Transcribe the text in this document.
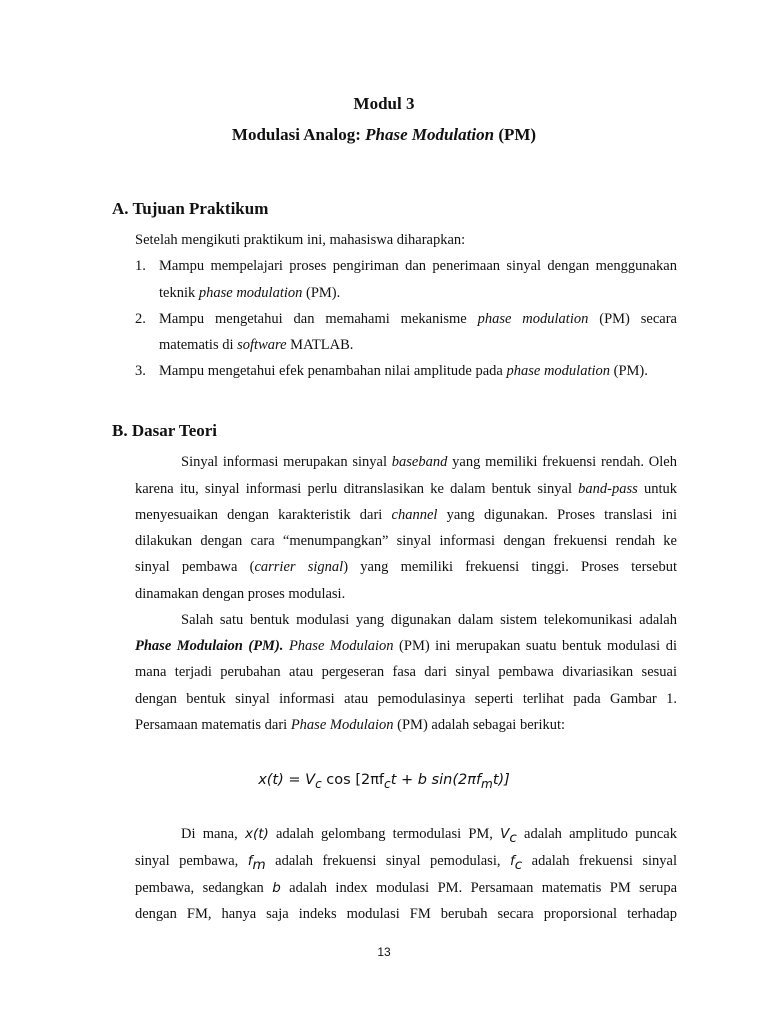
Modul 3
Modulasi Analog: Phase Modulation (PM)
A. Tujuan Praktikum
Setelah mengikuti praktikum ini, mahasiswa diharapkan:
1. Mampu mempelajari proses pengiriman dan penerimaan sinyal dengan menggunakan
teknik phase modulation (PM).
2. Mampu mengetahui dan memahami mekanisme phase modulation (PM) secara
matematis di software MATLAB.
3. Mampu mengetahui efek penambahan nilai amplitude pada phase modulation (PM).
B. Dasar Teori
Sinyal informasi merupakan sinyal baseband yang memiliki frekuensi rendah. Oleh
karena itu, sinyal informasi perlu ditranslasikan ke dalam bentuk sinyal band-pass untuk
menyesuaikan dengan karakteristik dari channel yang digunakan. Proses translasi ini
dilakukan dengan cara “menumpangkan” sinyal informasi dengan frekuensi rendah ke
sinyal pembawa (carrier signal) yang memiliki frekuensi tinggi. Proses tersebut
dinamakan dengan proses modulasi.
Salah satu bentuk modulasi yang digunakan dalam sistem telekomunikasi adalah
Phase Modulaion (PM). Phase Modulaion (PM) ini merupakan suatu bentuk modulasi di
mana terjadi perubahan atau pergeseran fasa dari sinyal pembawa divariasikan sesuai
dengan bentuk sinyal informasi atau pemodulasinya seperti terlihat pada Gambar 1.
Persamaan matematis dari Phase Modulaion (PM) adalah sebagai berikut:
$x(t) = V_c$ $\cos [2\pi f_ct + b$ $\sin(2\pi f_mt)$]
Di mana, x(t) adalah gelombang termodulasi PM, $V_c$ adalah amplitudo puncak
sinyal pembawa, $f_m$ adalah frekuensi sinyal pemodulasi, $f_c$ adalah frekuensi sinyal
pembawa, sedangkan b adalah index modulasi PM. Persamaan matematis PM serupa
dengan FM, hanya saja indeks modulasi FM berubah secara proporsional terhadap
13
